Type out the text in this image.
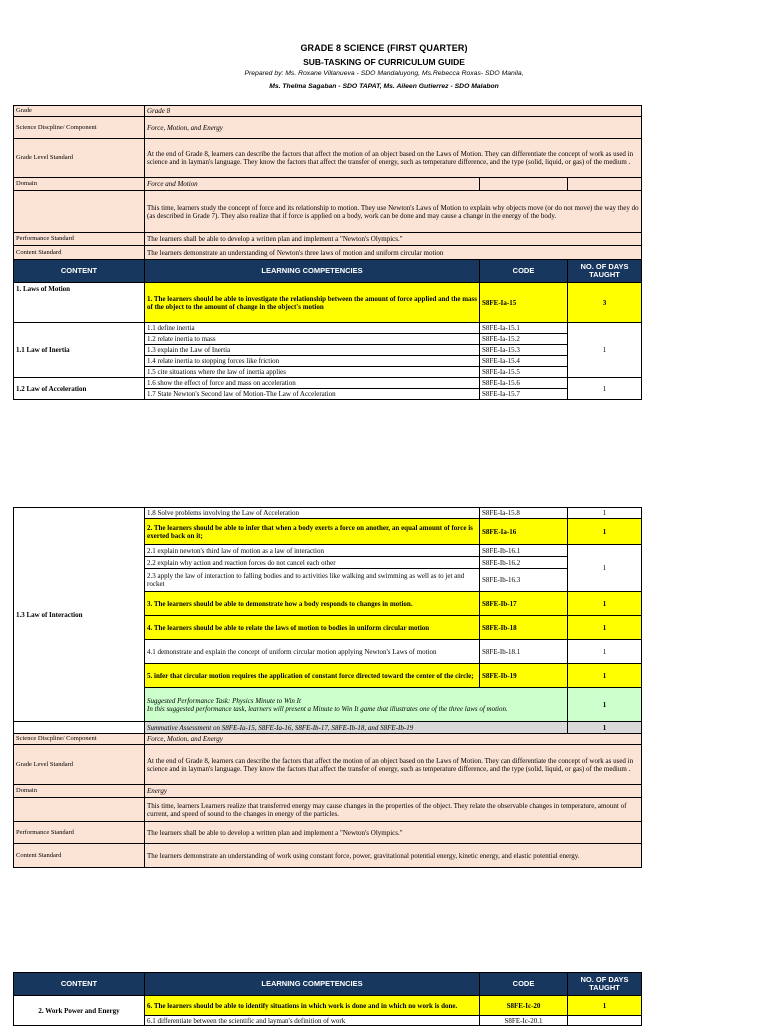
GRADE 8 SCIENCE (FIRST QUARTER)
SUB-TASKING OF CURRICULUM GUIDE
Prepared by: Ms. Roxane Villanueva - SDO Mandaluyong, Ms.Rebecca Roxas- SDO Manila,
Ms. Thelma Sagaban - SDO TAPAT, Ms. Aileen Gutierrez - SDO Malabon
Grade	Grade 8		
Science Discpline/ Component	Force, Motion, and Energy		
Grade Level Standard	At the end of Grade 8, learners can describe the factors that affect the motion of an object based on the Laws of Motion. They can differentiate the concept of work as used in science and in layman's language. They know the factors that affect the transfer of energy, such as temperature difference, and the type (solid, liquid, or gas) of the medium .		
Domain	Force and Motion		
	This time, learners study the concept of force and its relationship to motion. They use Newton's Laws of Motion to explain why objects move (or do not move) the way they do (as described in Grade 7). They also realize that if force is applied on a body, work can be done and may cause a change in the energy of the body.		
Performance Standard	The learners shall be able to develop a written plan and implement a "Newton's Olympics."		
Content Standard	The learners demonstrate an understanding of Newton's three laws of motion and uniform circular motion		
CONTENT	LEARNING COMPETENCIES	CODE	NO. OF DAYS TAUGHT
1. Laws of Motion	1. The learners should be able to investigate the relationship between the amount of force applied and the mass of the object to the amount of change in the object's motion	S8FE-Ia-15	3
1.1 Law of Inertia	1.1 define inertia	S8FE-Ia-15.1	1
	1.2 relate inertia to mass	S8FE-Ia-15.2	
	1.3 explain the Law of Inertia	S8FE-Ia-15.3	
	1.4 relate inertia to stopping forces like friction	S8FE-Ia-15.4	
	1.5 cite situations where the law of inertia applies	S8FE-Ia-15.5	
1.2 Law of Acceleration	1.6 show the effect of force and mass on acceleration	S8FE-Ia-15.6	1
	1.7 State Newton's Second law of Motion-The Law of Acceleration	S8FE-Ia-15.7	
1.3 Law of Interaction	1.8 Solve problems involving the Law of Acceleration	S8FE-Ia-15.8	1
	2. The learners should be able to infer that when a body exerts a force on another, an equal amount of force is exerted back on it;	S8FE-Ia-16	1
	2.1 explain newton's third law of motion as a law of interaction	S8FE-Ib-16.1	1
	2.2 explain why action and reaction forces do not cancel each other	S8FE-Ib-16.2	
	2.3 apply the law of interaction to falling bodies and to activities like walking and swimming as well as to jet and rocket	S8FE-Ib-16.3	
	3. The learners should be able to demonstrate how a body responds to changes in motion.	S8FE-Ib-17	1
	4. The learners should be able to relate the laws of motion to bodies in uniform circular motion	S8FE-Ib-18	1
	4.1 demonstrate and explain the concept of uniform circular motion applying Newton's Laws of motion	S8FE-Ib-18.1	1
	5. infer that circular motion requires the application of constant force directed toward the center of the circle;	S8FE-Ib-19	1

	Suggested Performance Task: Physics Minute to Win It
In this suggested performance task, learners will present a Minute to Win It game that illustrates one of the three laws of motion.		1
	Summative Assessment on S8FE-Ia-15, S8FE-Ia-16, S8FE-Ib-17, S8FE-Ib-18, and S8FE-Ib-19		1
Science Discpline/ Component	Force, Motion, and Energy		
Grade Level Standard	At the end of Grade 8, learners can describe the factors that affect the motion of an object based on the Laws of Motion. They can differentiate the concept of work as used in science and in layman's language. They know the factors that affect the transfer of energy, such as temperature difference, and the type (solid, liquid, or gas) of the medium .		
Domain	Energy		
	This time, learners Learners realize that transferred energy may cause changes in the properties of the object. They relate the observable changes in temperature, amount of current, and speed of sound to the changes in energy of the particles.		
Performance Standard	The learners shall be able to develop a written plan and implement a "Newton's Olympics."		
Content Standard	The learners demonstrate an understanding of work using constant force, power, gravitational potential energy, kinetic energy, and elastic potential energy.		
CONTENT	LEARNING COMPETENCIES	CODE	NO. OF DAYS TAUGHT
2. Work Power and Energy	6. The learners should be able to identify situations in which work is done and in which no work is done.	S8FE-Ic-20	1
	6.1 differentiate between the scientific and layman's definition of work	S8FE-Ic-20.1	
